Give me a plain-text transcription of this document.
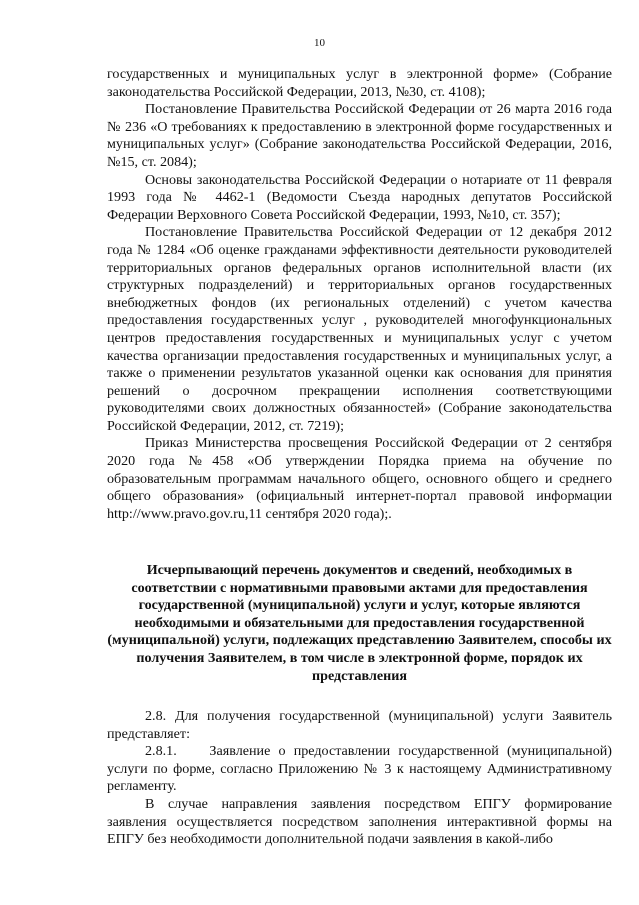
10

государственных и муниципальных услуг в электронной форме» (Собрание законодательства Российской Федерации, 2013, №30, ст. 4108);

Постановление Правительства Российской Федерации от 26 марта 2016 года № 236 «О требованиях к предоставлению в электронной форме государственных и муниципальных услуг» (Собрание законодательства Российской Федерации, 2016, №15, ст. 2084);

Основы законодательства Российской Федерации о нотариате от 11 февраля 1993 года № 4462-1 (Ведомости Съезда народных депутатов Российской Федерации Верховного Совета Российской Федерации, 1993, №10, ст. 357);

Постановление Правительства Российской Федерации от 12 декабря 2012 года № 1284 «Об оценке гражданами эффективности деятельности руководителей территориальных органов федеральных органов исполнительной власти (их структурных подразделений) и территориальных органов государственных внебюджетных фондов (их региональных отделений) с учетом качества предоставления государственных услуг , руководителей многофункциональных центров предоставления государственных и муниципальных услуг с учетом качества организации предоставления государственных и муниципальных услуг, а также о применении результатов указанной оценки как основания для принятия решений о досрочном прекращении исполнения соответствующими руководителями своих должностных обязанностей» (Собрание законодательства Российской Федерации, 2012, ст. 7219);

Приказ Министерства просвещения Российской Федерации от 2 сентября 2020 года №458 «Об утверждении Порядка приема на обучение по образовательным программам начального общего, основного общего и среднего общего образования» (официальный интернет-портал правовой информации http://www.pravo.gov.ru,11 сентября 2020 года);.

Исчерпывающий перечень документов и сведений, необходимых в соответствии с нормативными правовыми актами для предоставления государственной (муниципальной) услуги и услуг, которые являются необходимыми и обязательными для предоставления государственной (муниципальной) услуги, подлежащих представлению Заявителем, способы их получения Заявителем, в том числе в электронной форме, порядок их представления

2.8. Для получения государственной (муниципальной) услуги Заявитель представляет:

2.8.1. Заявление о предоставлении государственной (муниципальной) услуги по форме, согласно Приложению № 3 к настоящему Административному регламенту.

В случае направления заявления посредством ЕПГУ формирование заявления осуществляется посредством заполнения интерактивной формы на ЕПГУ без необходимости дополнительной подачи заявления в какой-либо
